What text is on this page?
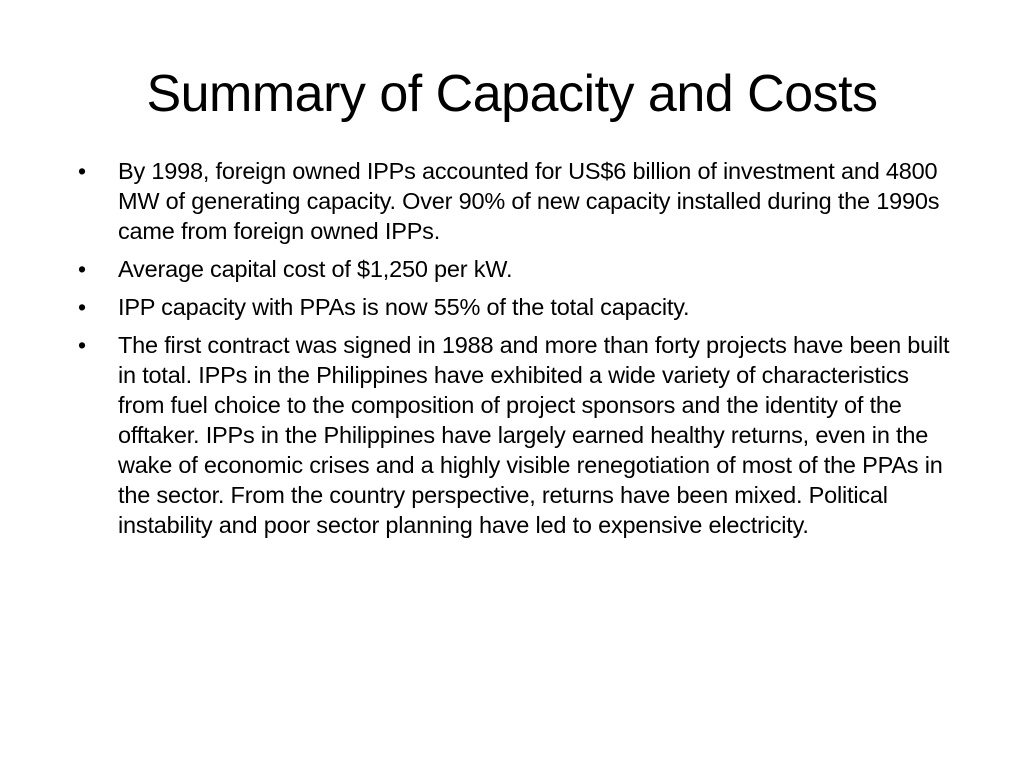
Summary of Capacity and Costs
• By 1998, foreign owned IPPs accounted for US$6 billion of investment and 4800 MW of generating capacity. Over 90% of new capacity installed during the 1990s came from foreign owned IPPs.
• Average capital cost of $1,250 per kW.
• IPP capacity with PPAs is now 55% of the total capacity.
• The first contract was signed in 1988 and more than forty projects have been built in total. IPPs in the Philippines have exhibited a wide variety of characteristics from fuel choice to the composition of project sponsors and the identity of the offtaker. IPPs in the Philippines have largely earned healthy returns, even in the wake of economic crises and a highly visible renegotiation of most of the PPAs in the sector. From the country perspective, returns have been mixed. Political instability and poor sector planning have led to expensive electricity.
